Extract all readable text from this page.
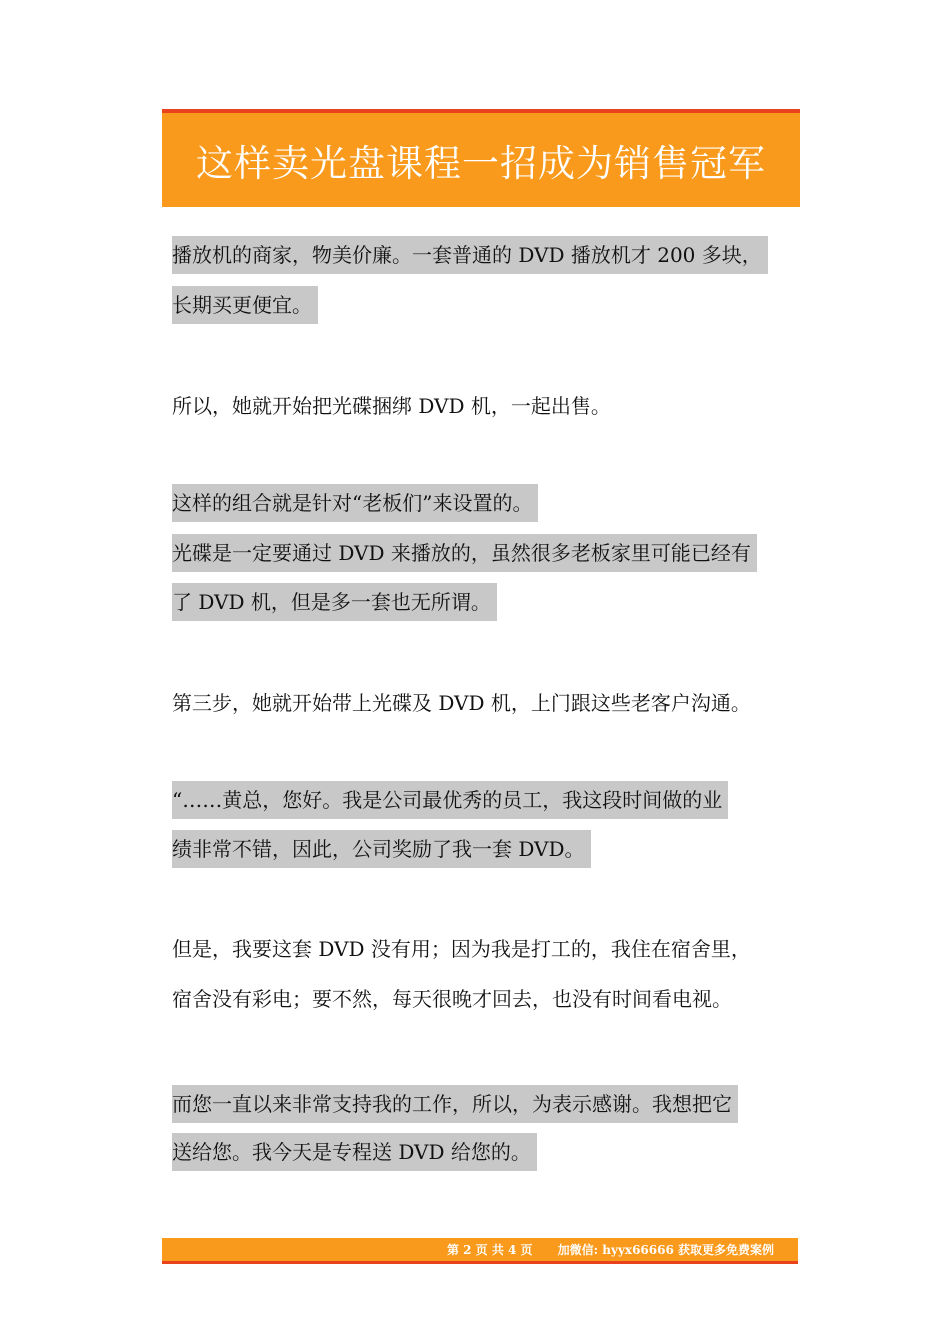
这样卖光盘课程一招成为销售冠军
播放机的商家，物美价廉。一套普通的 DVD 播放机才 200 多块，
长期买更便宜。
所以，她就开始把光碟捆绑 DVD 机，一起出售。
这样的组合就是针对“老板们”来设置的。
光碟是一定要通过 DVD 来播放的，虽然很多老板家里可能已经有
了 DVD 机，但是多一套也无所谓。
第三步，她就开始带上光碟及 DVD 机，上门跟这些老客户沟通。
“……黄总，您好。我是公司最优秀的员工，我这段时间做的业
绩非常不错，因此，公司奖励了我一套 DVD。
但是，我要这套 DVD 没有用；因为我是打工的，我住在宿舍里，
宿舍没有彩电；要不然，每天很晚才回去，也没有时间看电视。
而您一直以来非常支持我的工作，所以，为表示感谢。我想把它
送给您。我今天是专程送 DVD 给您的。
第 2 页 共 4 页
加微信: hyyx66666 获取更多免费案例
